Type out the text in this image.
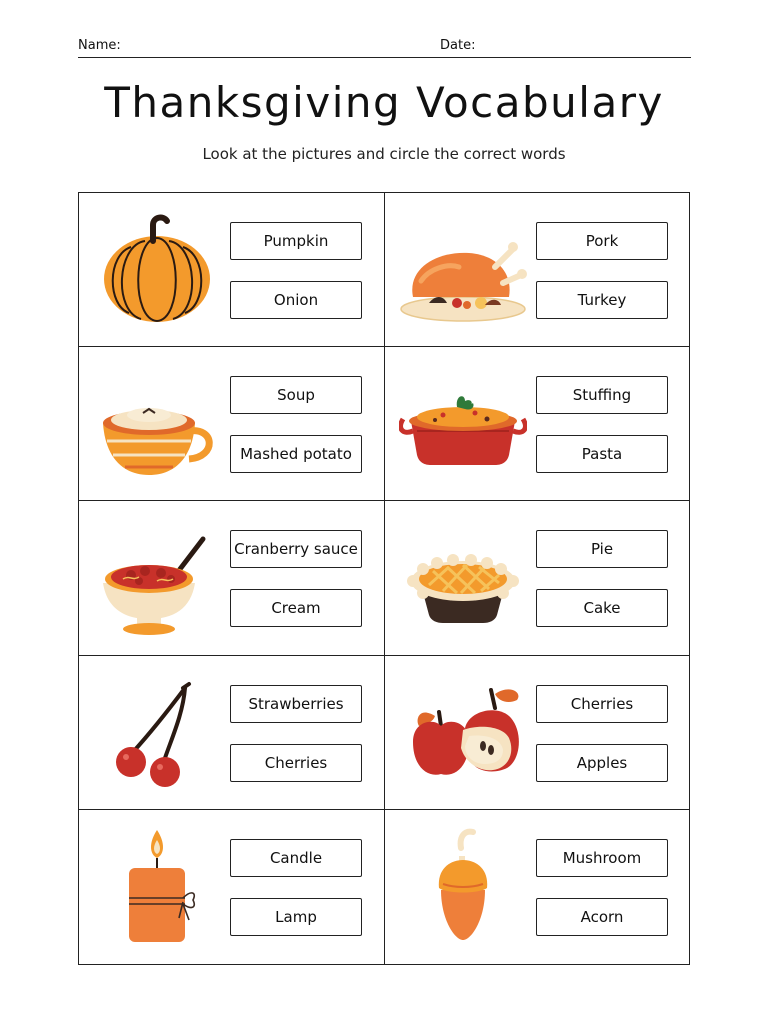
Name:	Date:
Thanksgiving Vocabulary
Look at the pictures and circle the correct words
Pumpkin
Onion
Pork
Turkey
Soup
Mashed potato
Stuffing
Pasta
Cranberry sauce
Cream
Pie
Cake
Strawberries
Cherries
Cherries
Apples
Candle
Lamp
Mushroom
Acorn
